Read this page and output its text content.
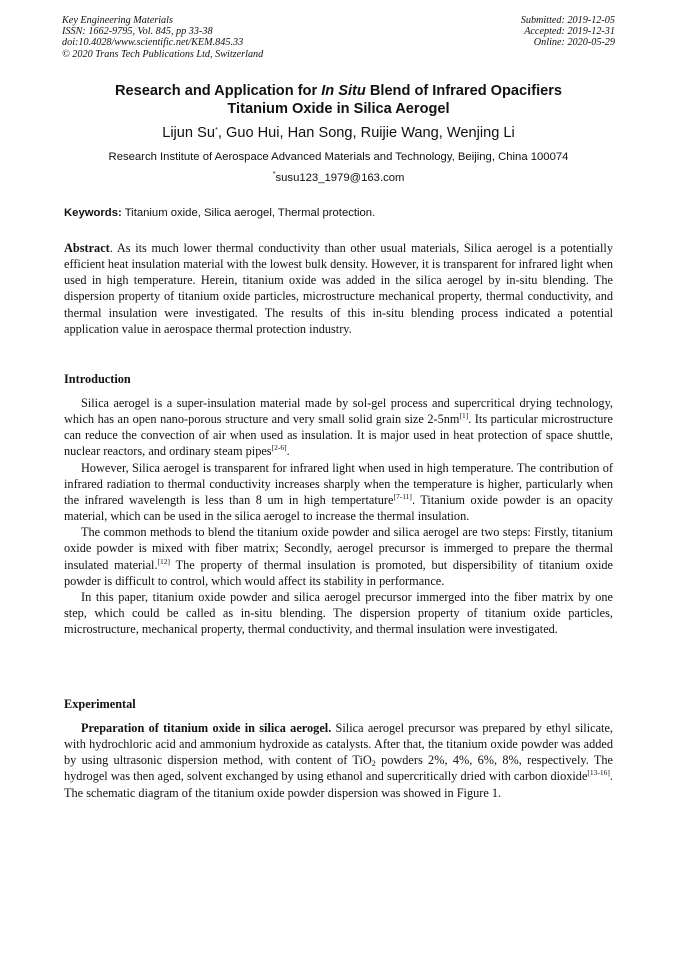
Key Engineering Materials
ISSN: 1662-9795, Vol. 845, pp 33-38
doi:10.4028/www.scientific.net/KEM.845.33
© 2020 Trans Tech Publications Ltd, Switzerland
Submitted: 2019-12-05
Accepted: 2019-12-31
Online: 2020-05-29
Research and Application for In Situ Blend of Infrared Opacifiers
Titanium Oxide in Silica Aerogel
Lijun Su*, Guo Hui, Han Song, Ruijie Wang, Wenjing Li
Research Institute of Aerospace Advanced Materials and Technology, Beijing, China 100074
*susu123_1979@163.com
Keywords: Titanium oxide, Silica aerogel, Thermal protection.

Abstract. As its much lower thermal conductivity than other usual materials, Silica aerogel is a potentially efficient heat insulation material with the lowest bulk density. However, it is transparent for infrared light when used in high temperature. Herein, titanium oxide was added in the silica aerogel by in-situ blending. The dispersion property of titanium oxide particles, microstructure mechanical property, thermal conductivity, and thermal insulation were investigated. The results of this in-situ blending process indicated a potential application value in aerospace thermal protection industry.

Introduction

Silica aerogel is a super-insulation material made by sol-gel process and supercritical drying technology, which has an open nano-porous structure and very small solid grain size 2-5nm[1]. Its particular microstructure can reduce the convection of air when used as insulation. It is major used in heat protection of space shuttle, nuclear reactors, and ordinary steam pipes[2-6].

However, Silica aerogel is transparent for infrared light when used in high temperature. The contribution of infrared radiation to thermal conductivity increases sharply when the temperature is higher, particularly when the infrared wavelength is less than 8 um in high tempertature[7-11]. Titanium oxide powder is an opacity material, which can be used in the silica aerogel to increase the thermal insulation.

The common methods to blend the titanium oxide powder and silica aerogel are two steps: Firstly, titanium oxide powder is mixed with fiber matrix; Secondly, aerogel precursor is immerged to prepare the thermal insulated material.[12] The property of thermal insulation is promoted, but dispersibility of titanium oxide powder is difficult to control, which would affect its stability in performance.

In this paper, titanium oxide powder and silica aerogel precursor immerged into the fiber matrix by one step, which could be called as in-situ blending. The dispersion property of titanium oxide particles, microstructure, mechanical property, thermal conductivity, and thermal insulation were investigated.

Experimental

Preparation of titanium oxide in silica aerogel. Silica aerogel precursor was prepared by ethyl silicate, with hydrochloric acid and ammonium hydroxide as catalysts. After that, the titanium oxide powder was added by using ultrasonic dispersion method, with content of TiO$_2$ powders 2%, 4%, 6%, 8%, respectively. The hydrogel was then aged, solvent exchanged by using ethanol and supercritically dried with carbon dioxide[13-16]. The schematic diagram of the titanium oxide powder dispersion was showed in Figure 1.
